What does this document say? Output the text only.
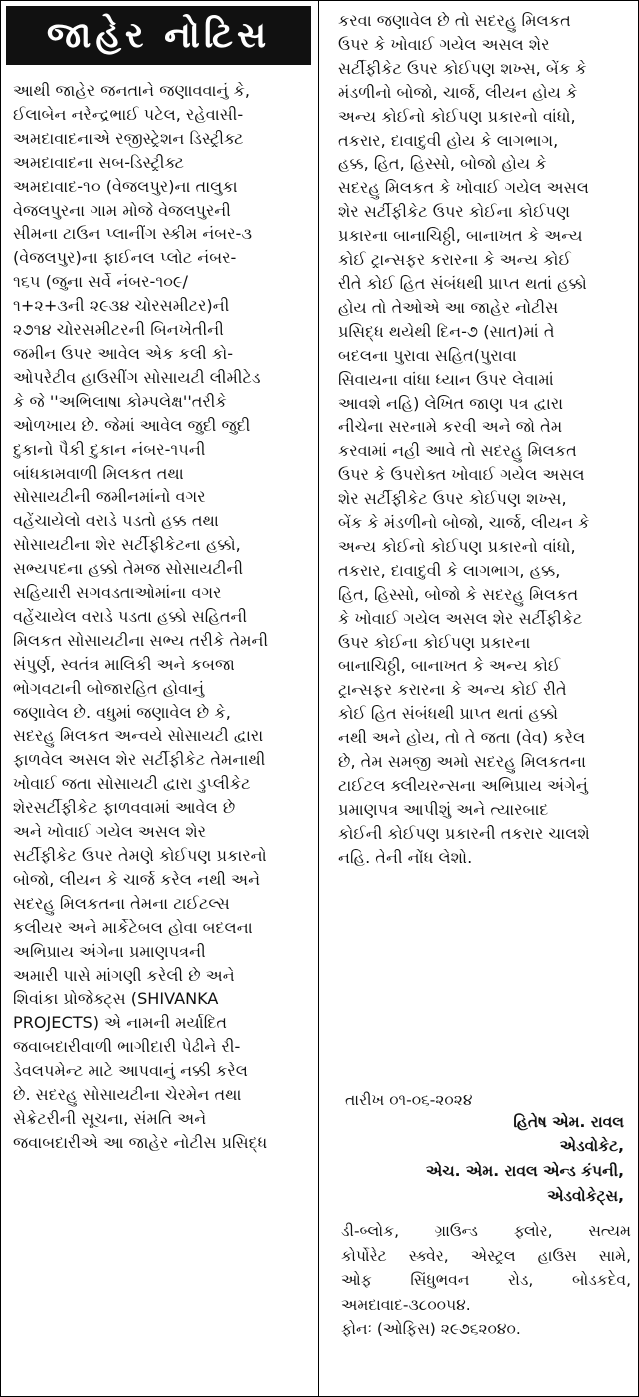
જાહેર નોટિસ
આથી જાહેર જનતાને જણાવવાનું કે,
ઈલાબેન નરેન્દ્રભાઈ પટેલ, રહેવાસી-
અમદાવાદનાએ રજીસ્ટ્રેશન ડિસ્ટ્રીક્ટ
અમદાવાદના સબ-ડિસ્ટ્રીક્ટ
અમદાવાદ-૧૦ (વેજલપુર)ના તાલુકા
વેજલપુરના ગામ મોજે વેજલપુરની
સીમના ટાઉન પ્લાનીંગ સ્કીમ નંબર-૩
(વેજલપુર)ના ફાઈનલ પ્લોટ નંબર-
૧૬૫ (જુના સર્વે નંબર-૧૦૯/
૧+૨+૩ની ૨૯૩૪ ચોરસમીટર)ની
૨૭૧૪ ચોરસમીટરની બિનખેતીની
જમીન ઉપર આવેલ એક કલી કો-
ઓપરેટીવ હાઉસીંગ સોસાયટી લીમીટેડ
કે જે ''અભિલાષા કોમ્પલેક્ષ''તરીકે
ઓળખાય છે. જેમાં આવેલ જુદી જુદી
દુકાનો પૈકી દુકાન નંબર-૧૫ની
બાંધકામવાળી મિલકત તથા
સોસાયટીની જમીનમાંનો વગર
વહેંચાયેલો વરાડે પડતો હક્ક તથા
સોસાયટીના શેર સર્ટીફીકેટના હક્કો,
સભ્યપદના હક્કો તેમજ સોસાયટીની
સહિયારી સગવડતાઓમાંના વગર
વહેંચાયેલ વરાડે પડતા હક્કો સહિતની
મિલકત સોસાયટીના સભ્ય તરીકે તેમની
સંપુર્ણ, સ્વતંત્ર માલિકી અને કબજા
ભોગવટાની બોજારહિત હોવાનું
જણાવેલ છે. વધુમાં જણાવેલ છે કે,
સદરહુ મિલકત અન્વયે સોસાયટી દ્વારા
ફાળવેલ અસલ શેર સર્ટીફીકેટ તેમનાથી
ખોવાઈ જતા સોસાયટી દ્વારા ડુપ્લીકેટ
શેરસર્ટીફીકેટ ફાળવવામાં આવેલ છે
અને ખોવાઈ ગયેલ અસલ શેર
સર્ટીફીકેટ ઉપર તેમણે કોઈપણ પ્રકારનો
બોજો, લીયન કે ચાર્જ કરેલ નથી અને
સદરહુ મિલકતના તેમના ટાઈટલ્સ
કલીયર અને માર્કેટેબલ હોવા બદલના
અભિપ્રાય અંગેના પ્રમાણપત્રની
અમારી પાસે માંગણી કરેલી છે અને
શિવાંકા પ્રોજેક્ટ્સ (SHIVANKA
PROJECTS) એ નામની મર્યાદિત
જવાબદારીવાળી ભાગીદારી પેઢીને રી-
ડેવલપમેન્ટ માટે આપવાનું નક્કી કરેલ
છે. સદરહુ સોસાયટીના ચેરમેન તથા
સેક્રેટરીની સૂચના, સંમતિ અને
જવાબદારીએ આ જાહેર નોટીસ પ્રસિદ્ધ
કરવા જણાવેલ છે તો સદરહુ મિલકત
ઉપર કે ખોવાઈ ગયેલ અસલ શેર
સર્ટીફીકેટ ઉપર કોઈપણ શખ્સ, બેંક કે
મંડળીનો બોજો, ચાર્જ, લીયન હોય કે
અન્ય કોઈનો કોઈપણ પ્રકારનો વાંધો,
તકરાર, દાવાદુવી હોય કે લાગભાગ,
હક્ક, હિત, હિસ્સો, બોજો હોય કે
સદરહુ મિલકત કે ખોવાઈ ગયેલ અસલ
શેર સર્ટીફીકેટ ઉપર કોઈના કોઈપણ
પ્રકારના બાનાચિઠ્ઠી, બાનાખત કે અન્ય
કોઈ ટ્રાન્સફર કરારના કે અન્ય કોઈ
રીતે કોઈ હિત સંબંધથી પ્રાપ્ત થતાં હક્કો
હોય તો તેઓએ આ જાહેર નોટીસ
પ્રસિદ્ધ થયેથી દિન-૭ (સાત)માં તે
બદલના પુરાવા સહિત(પુરાવા
સિવાયના વાંધા ધ્યાન ઉપર લેવામાં
આવશે નહિ) લેખિત જાણ પત્ર દ્વારા
નીચેના સરનામે કરવી અને જો તેમ
કરવામાં નહી આવે તો સદરહુ મિલકત
ઉપર કે ઉપરોક્ત ખોવાઈ ગયેલ અસલ
શેર સર્ટીફીકેટ ઉપર કોઈપણ શખ્સ,
બેંક કે મંડળીનો બોજો, ચાર્જ, લીયન કે
અન્ય કોઈનો કોઈપણ પ્રકારનો વાંધો,
તકરાર, દાવાદુવી કે લાગભાગ, હક્ક,
હિત, હિસ્સો, બોજો કે સદરહુ મિલકત
કે ખોવાઈ ગયેલ અસલ શેર સર્ટીફીકેટ
ઉપર કોઈના કોઈપણ પ્રકારના
બાનાચિઠ્ઠી, બાનાખત કે અન્ય કોઈ
ટ્રાન્સફર કરારના કે અન્ય કોઈ રીતે
કોઈ હિત સંબંધથી પ્રાપ્ત થતાં હક્કો
નથી અને હોય, તો તે જતા (વેવ) કરેલ
છે, તેમ સમજી અમો સદરહુ મિલકતના
ટાઈટલ ક્લીયરન્સના અભિપ્રાય અંગેનું
પ્રમાણપત્ર આપીશું અને ત્યારબાદ
કોઈની કોઈપણ પ્રકારની તકરાર ચાલશે
નહિ. તેની નોંધ લેશો.
તારીખ ૦૧-૦૬-૨૦૨૪
હિતેષ એમ. રાવલ
એડવોકેટ,
એચ. એમ. રાવલ એન્ડ કંપની,
એડવોકેટ્સ,
ડી-બ્લોક, ગ્રાઉન્ડ ફ્લોર, સત્યમ
કોર્પોરેટ સ્ક્વેર, એસ્ટ્રલ હાઉસ સામે,
ઓફ સિંધુભવન રોડ, બોડકદેવ,
અમદાવાદ-૩૮૦૦૫૪.
ફોનઃ (ઓફિસ) ૨૯૭૬૨૦૪૦.
